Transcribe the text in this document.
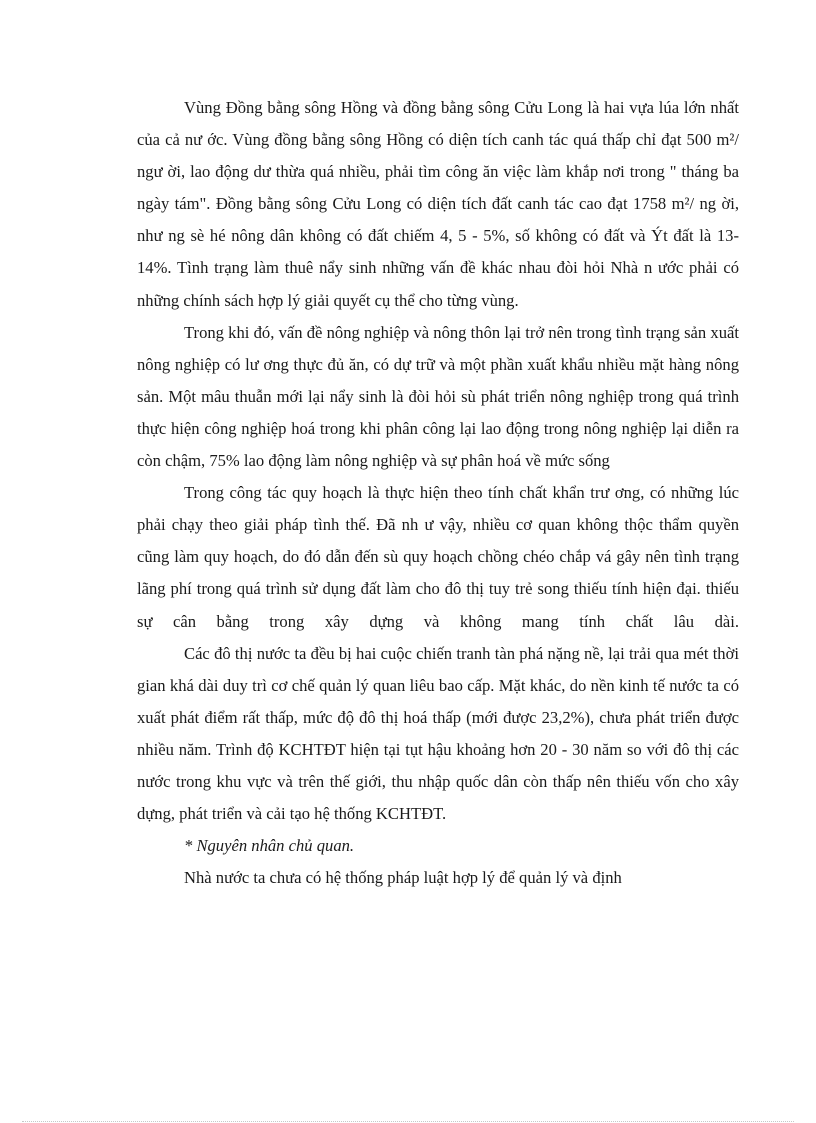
Vùng Đồng bằng sông Hồng và đồng bằng sông Cửu Long là hai vựa lúa lớn nhất của cả nư ớc. Vùng đồng bằng sông Hồng có diện tích canh tác quá thấp chỉ đạt 500 m²/ ngư ời, lao động dư thừa quá nhiều, phải tìm công ăn việc làm khắp nơi trong " tháng ba ngày tám". Đồng bằng sông Cửu Long có diện tích đất canh tác cao đạt 1758 m²/ ng ời, như ng sè hé nông dân không có đất chiếm 4, 5 - 5%, số không có đất và Ýt đất là 13-14%. Tình trạng làm thuê nẩy sinh những vấn đề khác nhau đòi hỏi Nhà n ước phải có những chính sách hợp lý giải quyết cụ thể cho từng vùng.

Trong khi đó, vấn đề nông nghiệp và nông thôn lại trở nên trong tình trạng sản xuất nông nghiệp có lư ơng thực đủ ăn, có dự trữ và một phần xuất khẩu nhiều mặt hàng nông sản. Một mâu thuẫn mới lại nẩy sinh là đòi hỏi sù phát triển nông nghiệp trong quá trình thực hiện công nghiệp hoá trong khi phân công lại lao động trong nông nghiệp lại diễn ra còn chậm, 75% lao động làm nông nghiệp và sự phân hoá về mức sống

Trong công tác quy hoạch là thực hiện theo tính chất khẩn trư ơng, có những lúc phải chạy theo giải pháp tình thế. Đã nh ư vậy, nhiều cơ quan không thộc thẩm quyền cũng làm quy hoạch, do đó dẫn đến sù quy hoạch chồng chéo chắp vá gây nên tình trạng lãng phí trong quá trình sử dụng đất làm cho đô thị tuy trẻ song thiếu tính hiện đại. thiếu sự cân bằng trong xây dựng và không mang tính chất lâu dài.

Các đô thị nước ta đều bị hai cuộc chiến tranh tàn phá nặng nề, lại trải qua mét thời gian khá dài duy trì cơ chế quản lý quan liêu bao cấp. Mặt khác, do nền kinh tế nước ta có xuất phát điểm rất thấp, mức độ đô thị hoá thấp (mới được 23,2%), chưa phát triển được nhiều năm. Trình độ KCHTĐT hiện tại tụt hậu khoảng hơn 20 - 30 năm so với đô thị các nước trong khu vực và trên thế giới, thu nhập quốc dân còn thấp nên thiếu vốn cho xây dựng, phát triển và cải tạo hệ thống KCHTĐT.

* Nguyên nhân chủ quan.

Nhà nước ta chưa có hệ thống pháp luật hợp lý để quản lý và định
